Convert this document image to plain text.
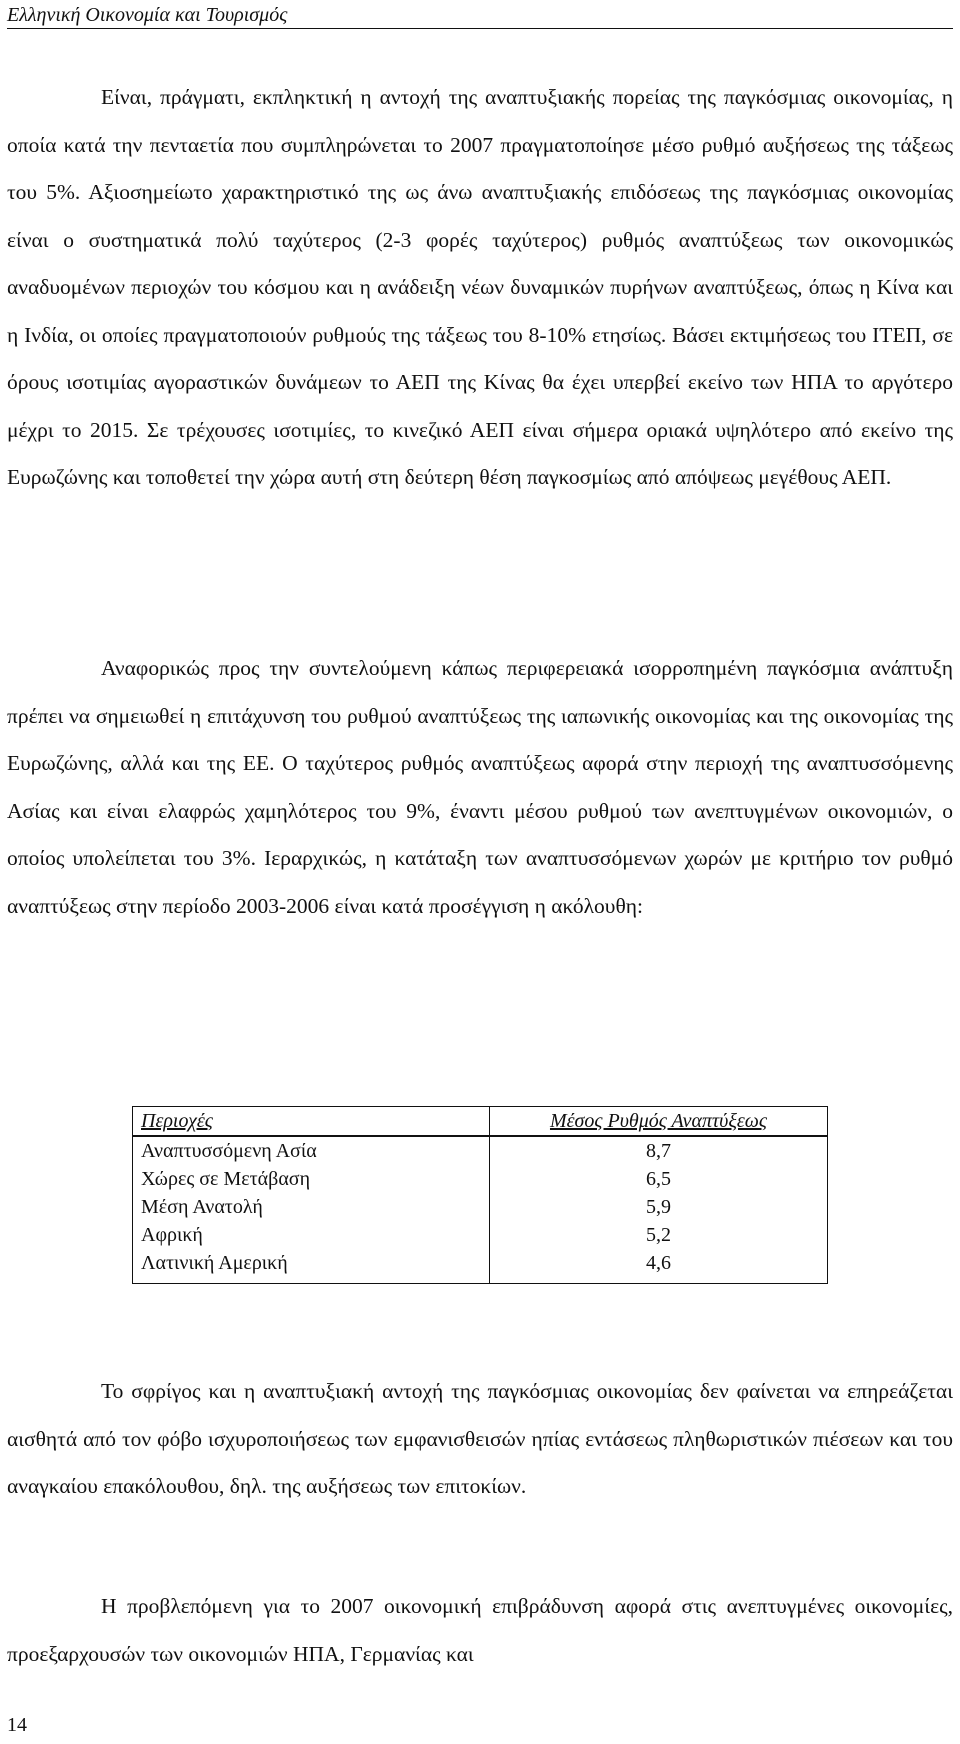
Ελληνική Οικονομία και Τουρισμός

Είναι, πράγματι, εκπληκτική η αντοχή της αναπτυξιακής πορείας της παγκόσμιας οικονομίας, η οποία κατά την πενταετία που συμπληρώνεται το 2007 πραγματοποίησε μέσο ρυθμό αυξήσεως της τάξεως του 5%. Αξιοσημείωτο χαρακτηριστικό της ως άνω αναπτυξιακής επιδόσεως της παγκόσμιας οικονομίας είναι ο συστηματικά πολύ ταχύτερος (2-3 φορές ταχύτερος) ρυθμός αναπτύξεως των οικονομικώς αναδυομένων περιοχών του κόσμου και η ανάδειξη νέων δυναμικών πυρήνων αναπτύξεως, όπως η Κίνα και η Ινδία, οι οποίες πραγματοποιούν ρυθμούς της τάξεως του 8-10% ετησίως. Βάσει εκτιμήσεως του ΙΤΕΠ, σε όρους ισοτιμίας αγοραστικών δυνάμεων το ΑΕΠ της Κίνας θα έχει υπερβεί εκείνο των ΗΠΑ το αργότερο μέχρι το 2015. Σε τρέχουσες ισοτιμίες, το κινεζικό ΑΕΠ είναι σήμερα οριακά υψηλότερο από εκείνο της Ευρωζώνης και τοποθετεί την χώρα αυτή στη δεύτερη θέση παγκοσμίως από απόψεως μεγέθους ΑΕΠ.

Αναφορικώς προς την συντελούμενη κάπως περιφερειακά ισορροπημένη παγκόσμια ανάπτυξη πρέπει να σημειωθεί η επιτάχυνση του ρυθμού αναπτύξεως της ιαπωνικής οικονομίας και της οικονομίας της Ευρωζώνης, αλλά και της ΕΕ. Ο ταχύτερος ρυθμός αναπτύξεως αφορά στην περιοχή της αναπτυσσόμενης Ασίας και είναι ελαφρώς χαμηλότερος του 9%, έναντι μέσου ρυθμού των ανεπτυγμένων οικονομιών, ο οποίος υπολείπεται του 3%. Ιεραρχικώς, η κατάταξη των αναπτυσσόμενων χωρών με κριτήριο τον ρυθμό αναπτύξεως στην περίοδο 2003-2006 είναι κατά προσέγγιση η ακόλουθη:

Περιοχές	Μέσος Ρυθμός Αναπτύξεως
Αναπτυσσόμενη Ασία	8,7
Χώρες σε Μετάβαση	6,5
Μέση Ανατολή	5,9
Αφρική	5,2
Λατινική Αμερική	4,6

Το σφρίγος και η αναπτυξιακή αντοχή της παγκόσμιας οικονομίας δεν φαίνεται να επηρεάζεται αισθητά από τον φόβο ισχυροποιήσεως των εμφανισθεισών ηπίας εντάσεως πληθωριστικών πιέσεων και του αναγκαίου επακόλουθου, δηλ. της αυξήσεως των επιτοκίων.

Η προβλεπόμενη για το 2007 οικονομική επιβράδυνση αφορά στις ανεπτυγμένες οικονομίες, προεξαρχουσών των οικονομιών ΗΠΑ, Γερμανίας και

14
